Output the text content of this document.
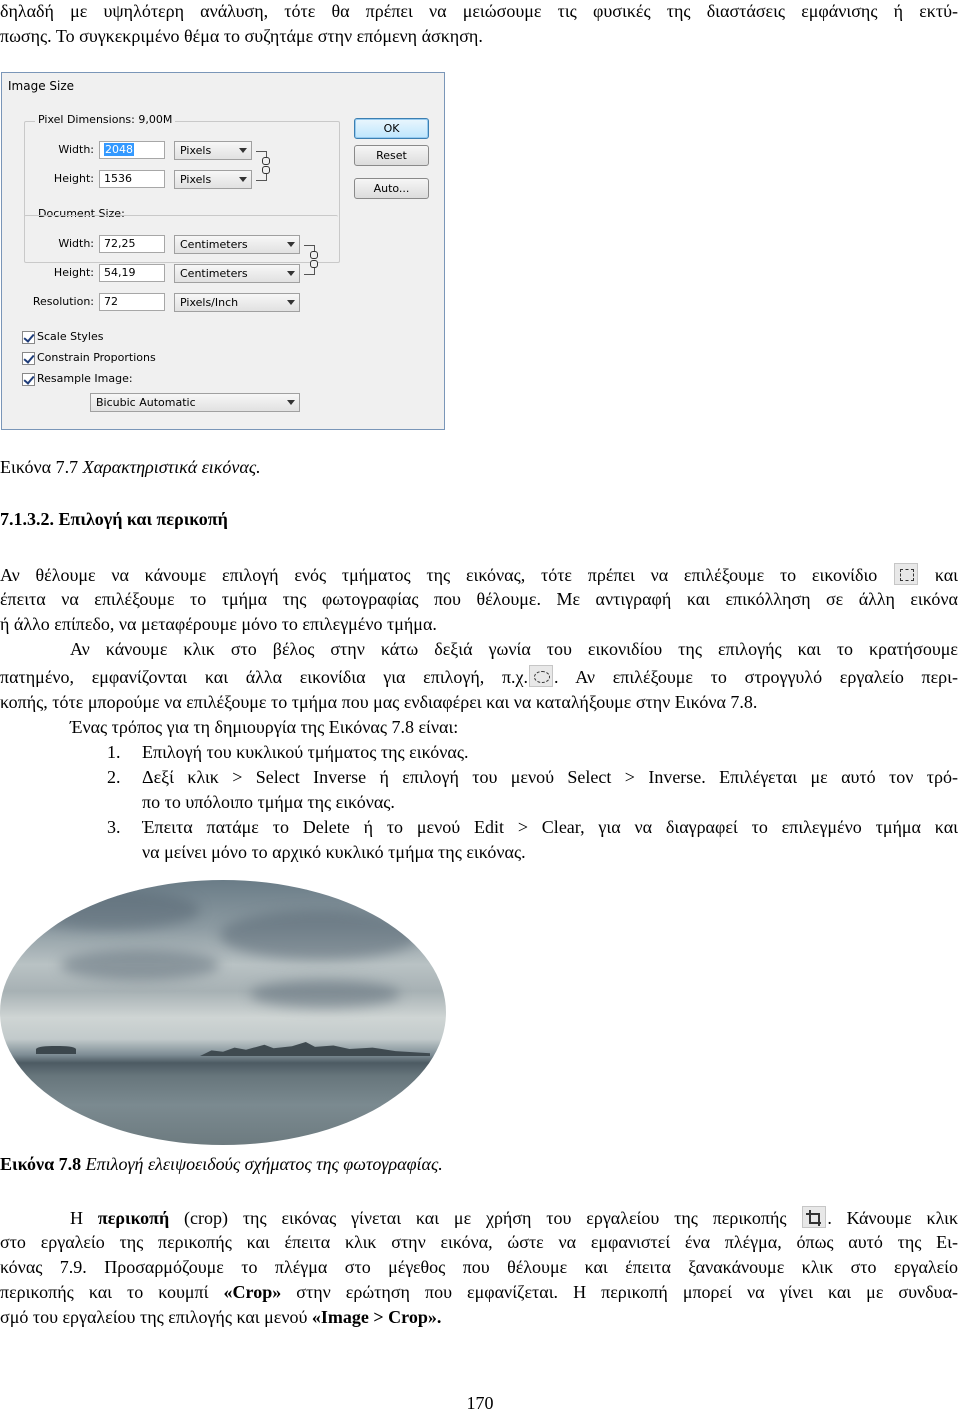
δηλαδή με υψηλότερη ανάλυση, τότε θα πρέπει να μειώσουμε τις φυσικές της διαστάσεις εμφάνισης ή εκτύ-
πωσης. Το συγκεκριμένο θέμα το συζητάμε στην επόμενη άσκηση.
Image Size
Pixel Dimensions: 9,00M
Width:	2048	Pixels
Height: 1536	Pixels
Document Size:
Width: 72,25	Centimeters
Height: 54,19	Centimeters
Resolution: 72	Pixels/Inch
OK
Reset
Auto...
Scale Styles
Constrain Proportions
Resample Image:
Bicubic Automatic
Εικόνα 7.7 Χαρακτηριστικά εικόνας.
7.1.3.2. Επιλογή και περικοπή
Αν θέλουμε να κάνουμε επιλογή ενός τμήματος της εικόνας, τότε πρέπει να επιλέξουμε το εικονίδιο	και
έπειτα να επιλέξουμε το τμήμα της φωτογραφίας που θέλουμε. Με αντιγραφή και επικόλληση σε άλλη εικόνα
ή άλλο επίπεδο, να μεταφέρουμε μόνο το επιλεγμένο τμήμα.
Αν κάνουμε κλικ στο βέλος στην κάτω δεξιά γωνία του εικονιδίου της επιλογής και το κρατήσουμε
πατημένο, εμφανίζονται και άλλα εικονίδια για επιλογή, π.χ. . Αν επιλέξουμε το στρογγυλό εργαλείο περι-
κοπής, τότε μπορούμε να επιλέξουμε το τμήμα που μας ενδιαφέρει και να καταλήξουμε στην Εικόνα 7.8.
Ένας τρόπος για τη δημιουργία της Εικόνας 7.8 είναι:
1. Επιλογή του κυκλικού τμήματος της εικόνας.
2. Δεξί κλικ > Select Inverse ή επιλογή του μενού Select > Inverse. Επιλέγεται με αυτό τον τρό-
πο το υπόλοιπο τμήμα της εικόνας.
3. Έπειτα πατάμε το Delete ή το μενού Edit > Clear, για να διαγραφεί το επιλεγμένο τμήμα και
να μείνει μόνο το αρχικό κυκλικό τμήμα της εικόνας.
Εικόνα 7.8 Επιλογή ελειψοειδούς σχήματος της φωτογραφίας.
Η περικοπή (crop) της εικόνας γίνεται και με χρήση του εργαλείου της περικοπής . Κάνουμε κλικ
στο εργαλείο της περικοπής και έπειτα κλικ στην εικόνα, ώστε να εμφανιστεί ένα πλέγμα, όπως αυτό της Ει-
κόνας 7.9. Προσαρμόζουμε το πλέγμα στο μέγεθος που θέλουμε και έπειτα ξανακάνουμε κλικ στο εργαλείο
περικοπής και το κουμπί «Crop» στην ερώτηση που εμφανίζεται. Η περικοπή μπορεί να γίνει και με συνδυα-
σμό του εργαλείου της επιλογής και μενού «Image > Crop».
170
